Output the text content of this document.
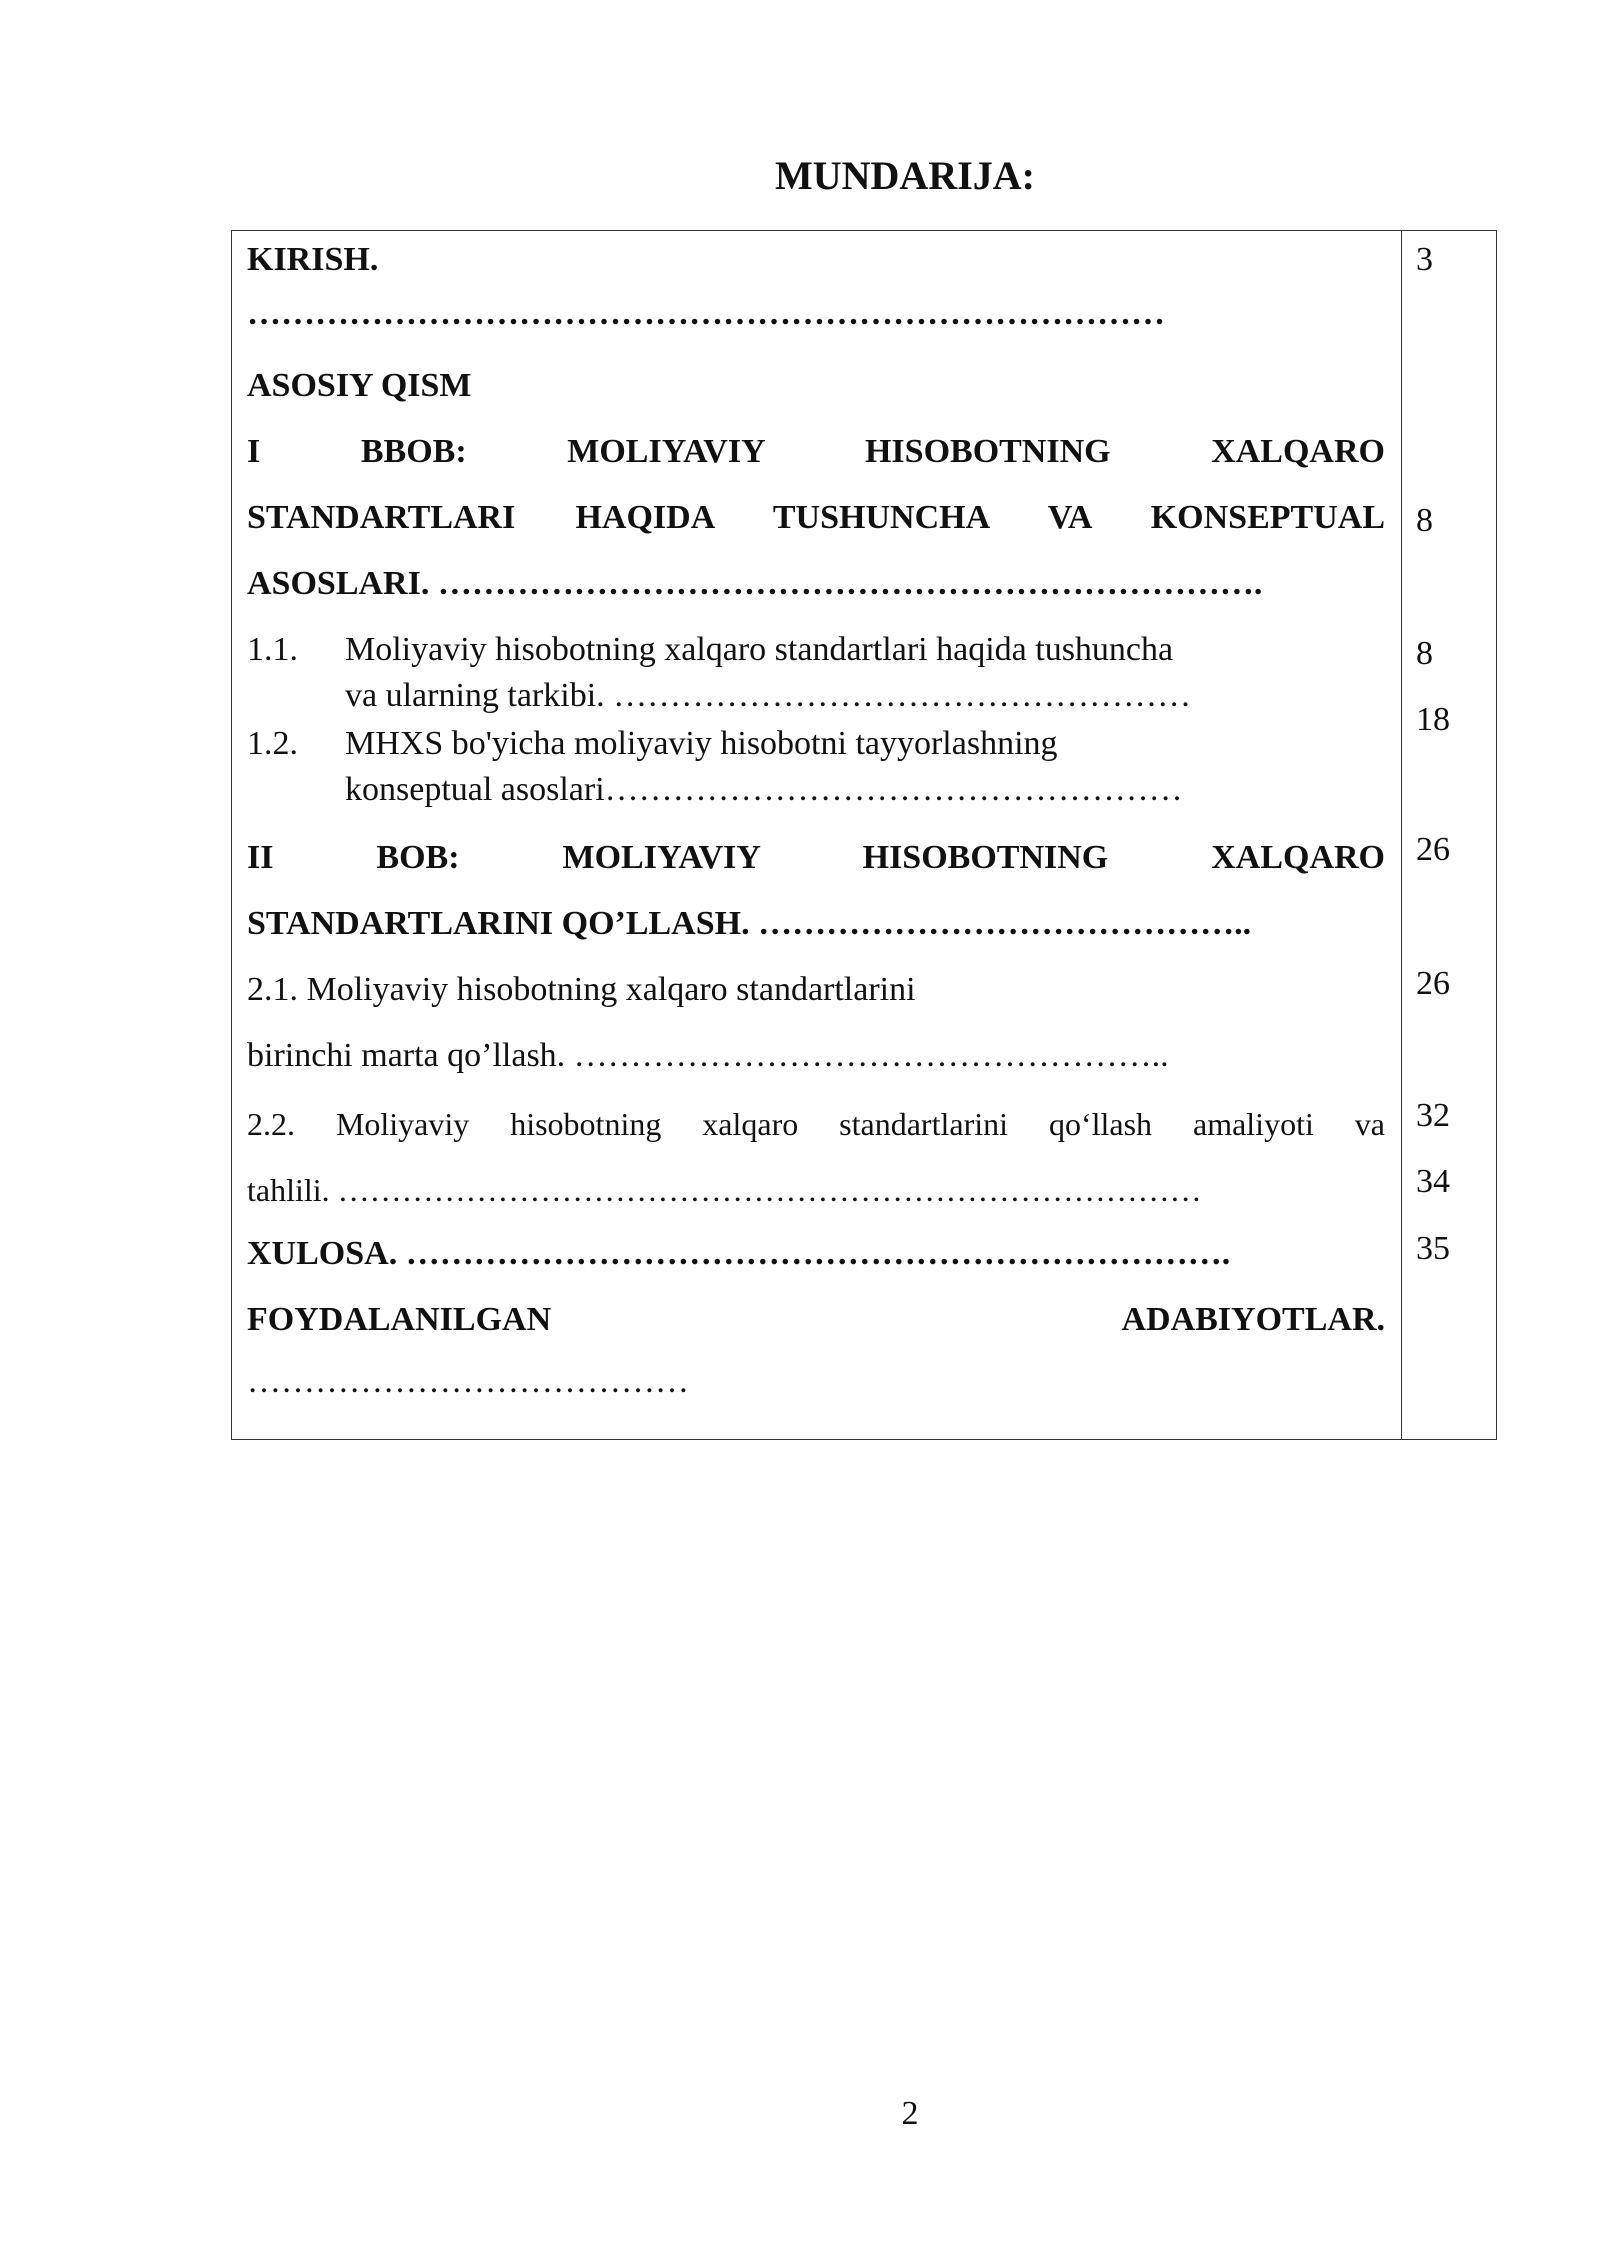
MUNDARIJA:
KIRISH.
………………………………………………………………………
3
ASOSIY QISM
I BBOB: MOLIYAVIY HISOBOTNING XALQARO
STANDARTLARI HAQIDA TUSHUNCHA VA KONSEPTUAL
ASOSLARI. ……………………………………………………………….
8
1.1. Moliyaviy hisobotning xalqaro standartlari haqida tushuncha
va ularning tarkibi. ……………………………………………
8
1.2. MHXS bo'yicha moliyaviy hisobotni tayyorlashning
konseptual asoslari……………………………………………
18
II BOB: MOLIYAVIY HISOBOTNING XALQARO
STANDARTLARINI QO’LLASH. ……………………………………..
26
2.1. Moliyaviy hisobotning xalqaro standartlarini
birinchi marta qo’llash. ……………………………………………..
26
2.2. Moliyaviy hisobotning xalqaro standartlarini qo‘llash amaliyoti va
tahlili. ………………………………………………………………………
32
XULOSA. ……………………………………………………………….
34
FOYDALANILGAN ADABIYOTLAR.
…………………………………
35
2
